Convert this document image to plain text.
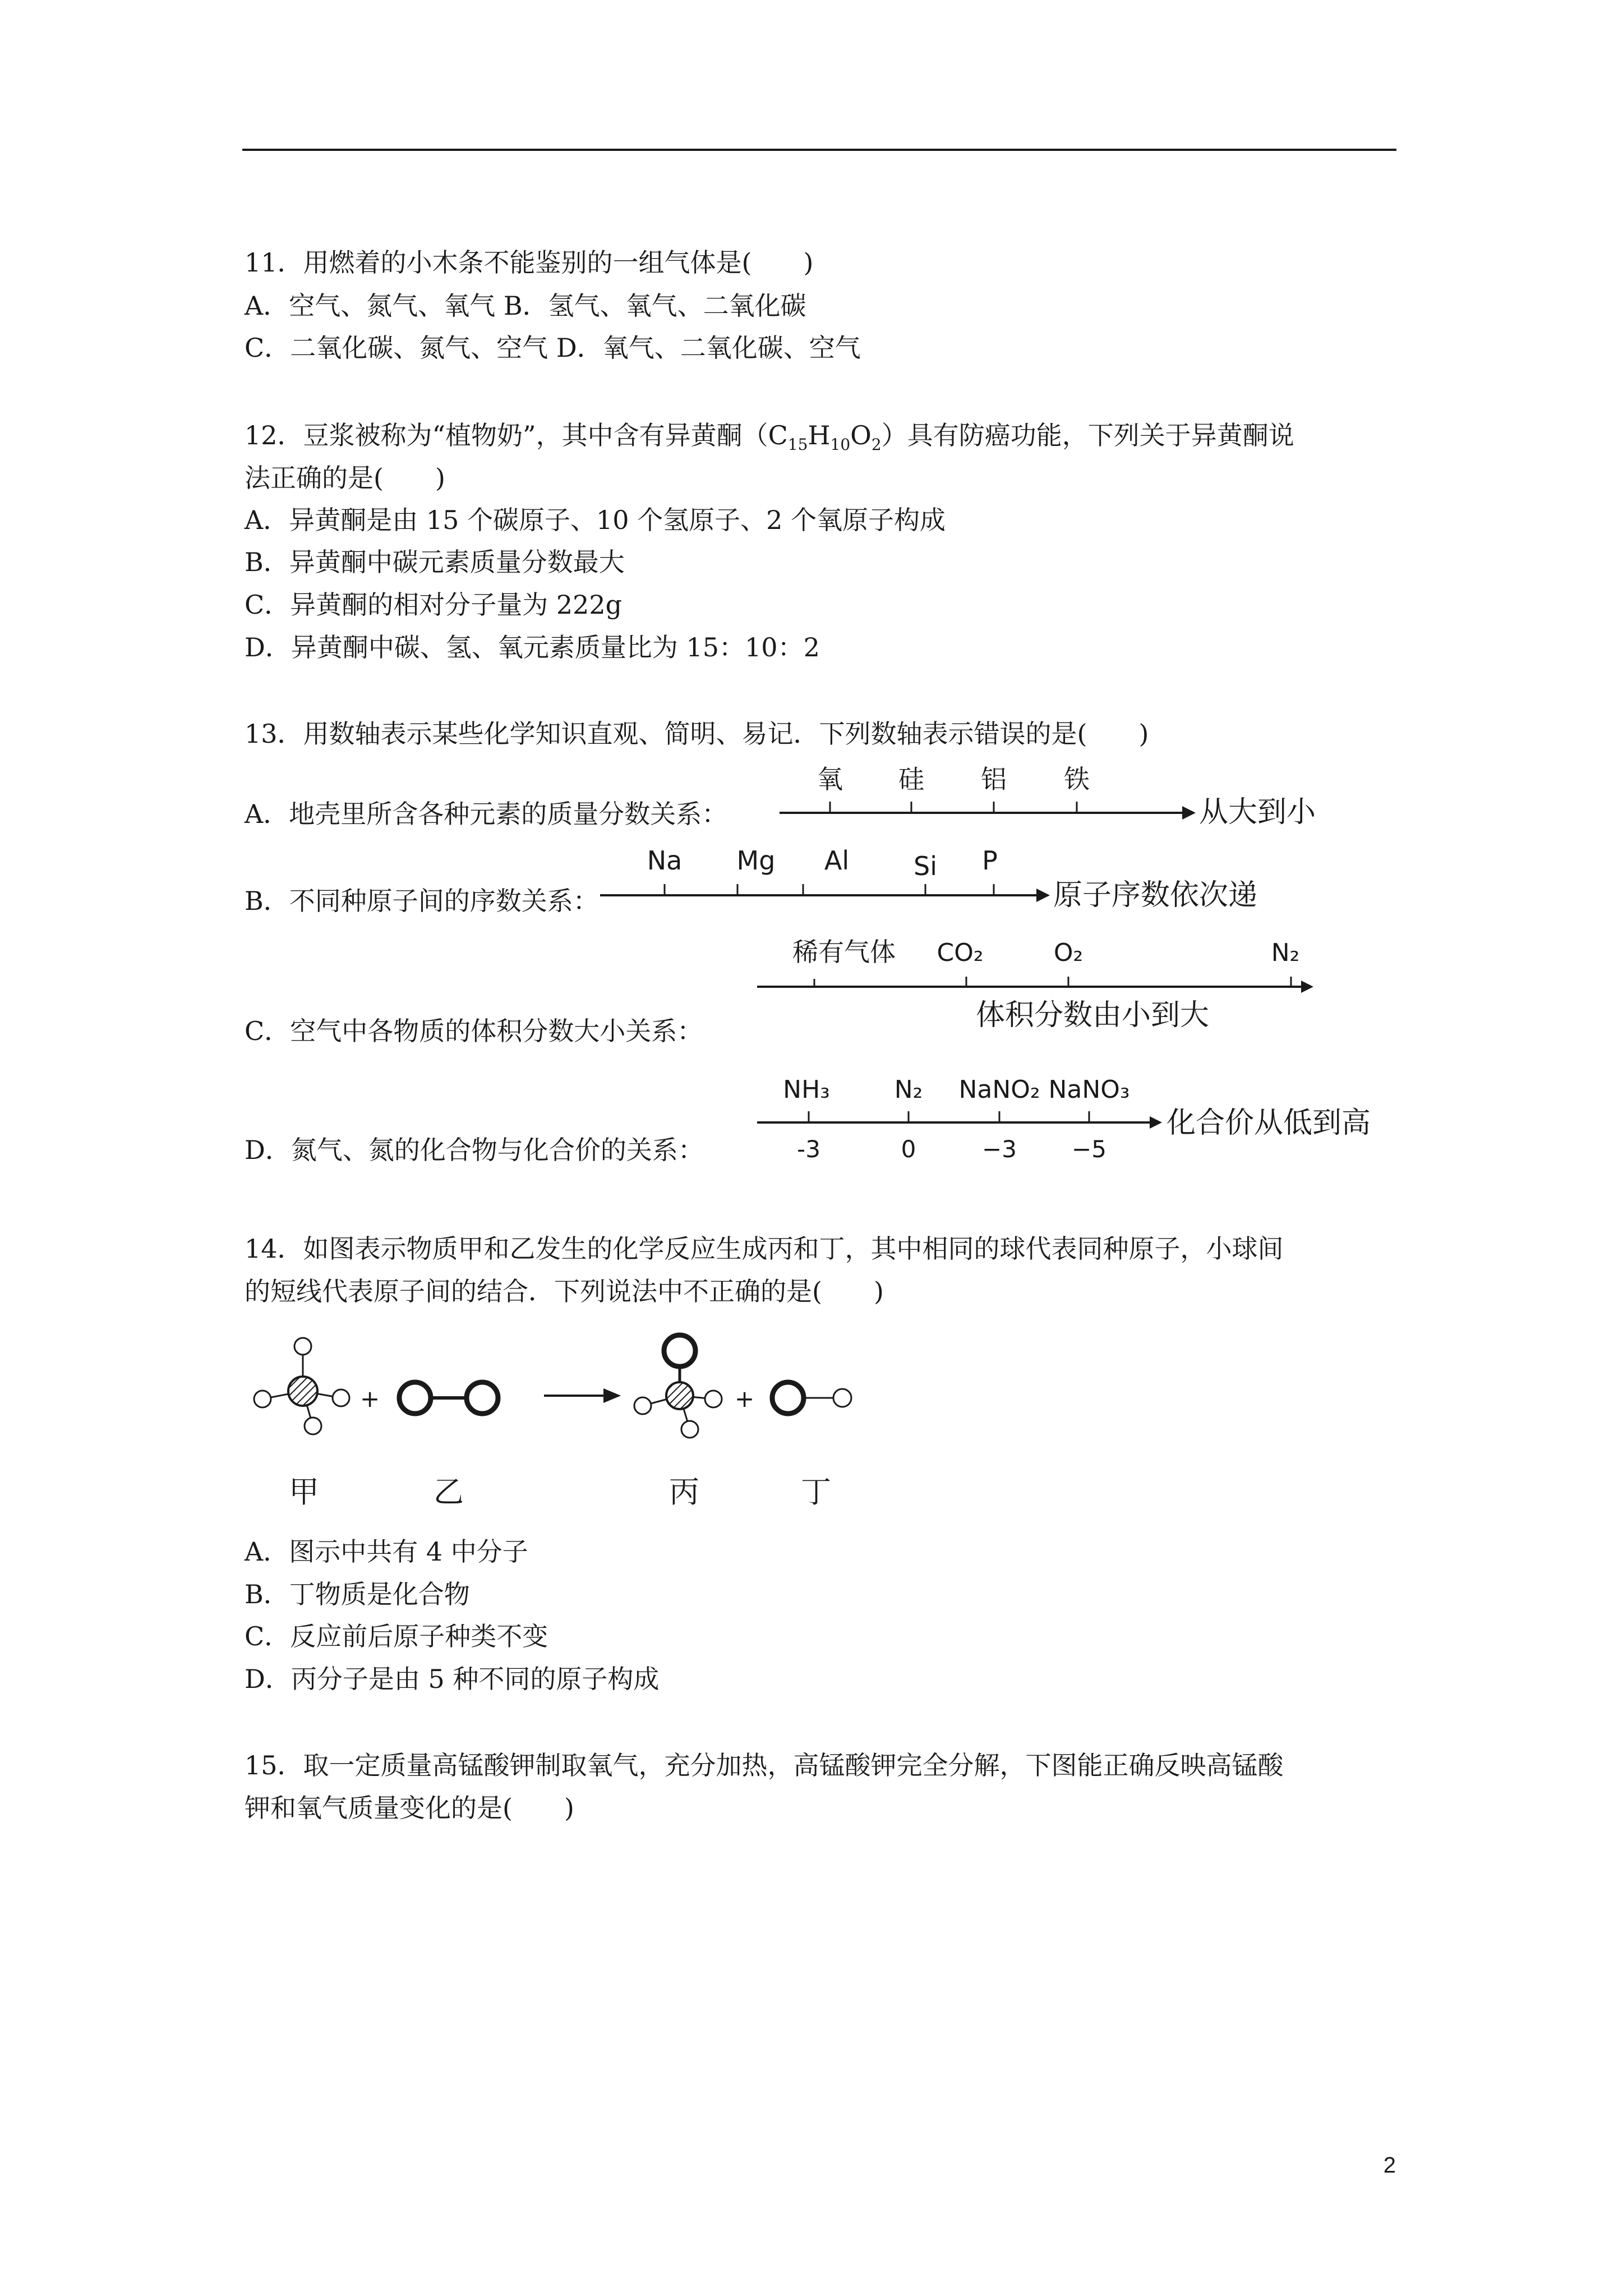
11．用燃着的小木条不能鉴别的一组气体是(　　)
A．空气、氮气、氧气 B．氢气、氧气、二氧化碳
C．二氧化碳、氮气、空气 D．氧气、二氧化碳、空气
12．豆浆被称为“植物奶”，其中含有异黄酮$(C_{15}H_{10}O_2)$具有防癌功能，下列关于异黄酮说
法正确的是(　　)
A．异黄酮是由 15 个碳原子、10 个氢原子、2 个氧原子构成
B．异黄酮中碳元素质量分数最大
C．异黄酮的相对分子量为 222g
D．异黄酮中碳、氢、氧元素质量比为 15：10：2
13．用数轴表示某些化学知识直观、简明、易记．下列数轴表示错误的是(　　)
A．地壳里所含各种元素的质量分数关系：
氧 硅 铝 铁
从大到小
B．不同种原子间的序数关系：
Na Mg Al Si P
原子序数依次递
C．空气中各物质的体积分数大小关系：
稀有气体 CO₂	O₂	N₂
体积分数由小到大
D．氮气、氮的化合物与化合价的关系：
NH₃	N₂ NaNO₂ NaNO₃
-3	0	−3 −5
化合价从低到高
14．如图表示物质甲和乙发生的化学反应生成丙和丁，其中相同的球代表同种原子，小球间
的短线代表原子间的结合．下列说法中不正确的是(　　)
+	+
甲	乙	丙	丁
A．图示中共有 4 中分子
B．丁物质是化合物
C．反应前后原子种类不变
D．丙分子是由 5 种不同的原子构成
15．取一定质量高锰酸钾制取氧气，充分加热，高锰酸钾完全分解，下图能正确反映高锰酸
钾和氧气质量变化的是(　　)
2
